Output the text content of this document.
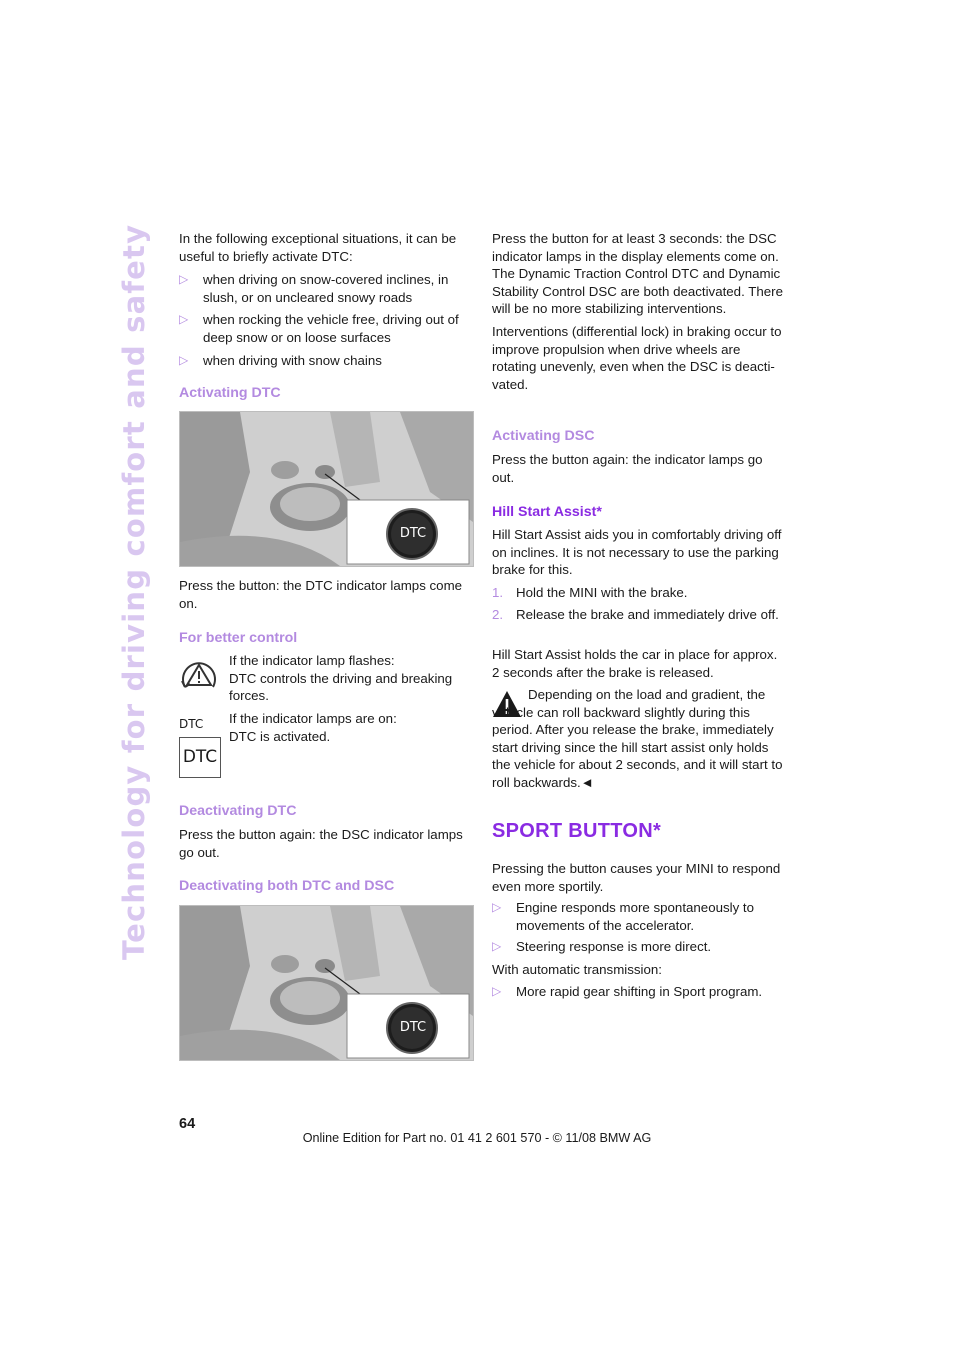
Technology for driving comfort and safety	In the following exceptional situations, it can be useful to briefly activate DTC:

▷ when driving on snow-covered inclines, in slush, or on uncleared snowy roads
▷ when rocking the vehicle free, driving out of deep snow or on loose surfaces
▷ when driving with snow chains
Activating DTC
DTC
Press the button: the DTC indicator lamps come on.
For better control

If the indicator lamp flashes:

DTC controls the driving and breaking forces.

DTC
DTC

If the indicator lamps are on:

DTC is activated.

Deactivating DTC
Press the button again: the DSC indicator lamps go out.
Deactivating both DTC and DSC
DTC

Press the button for at least 3 seconds: the DSC indicator lamps in the display elements come on. The Dynamic Traction Control DTC and Dynamic Stability Control DSC are both deactivated. There will be no more stabilizing interventions.

Interventions (differential lock) in braking occur to improve propulsion when drive wheels are rotating unevenly, even when the DSC is deactivated.

Activating DSC
Press the button again: the indicator lamps go out.
Hill Start Assist*
Hill Start Assist aids you in comfortably driving off on inclines. It is not necessary to use the parking brake for this.
1. Hold the MINI with the brake.
2. Release the brake and immediately drive off.
Hill Start Assist holds the car in place for approx. 2 seconds after the brake is released.
Depending on the load and gradient, the vehicle can roll backward slightly during this period. After you release the brake, immediately start driving since the hill start assist only holds the vehicle for about 2 seconds, and it will start to roll backwards.◄
SPORT BUTTON*

Pressing the button causes your MINI to respond even more sportily.

▷ Engine responds more spontaneously to movements of the accelerator.
▷ Steering response is more direct.

With automatic transmission:

▷ More rapid gear shifting in Sport program.
64
Online Edition for Part no. 01 41 2 601 570 - © 11/08 BMW AG
